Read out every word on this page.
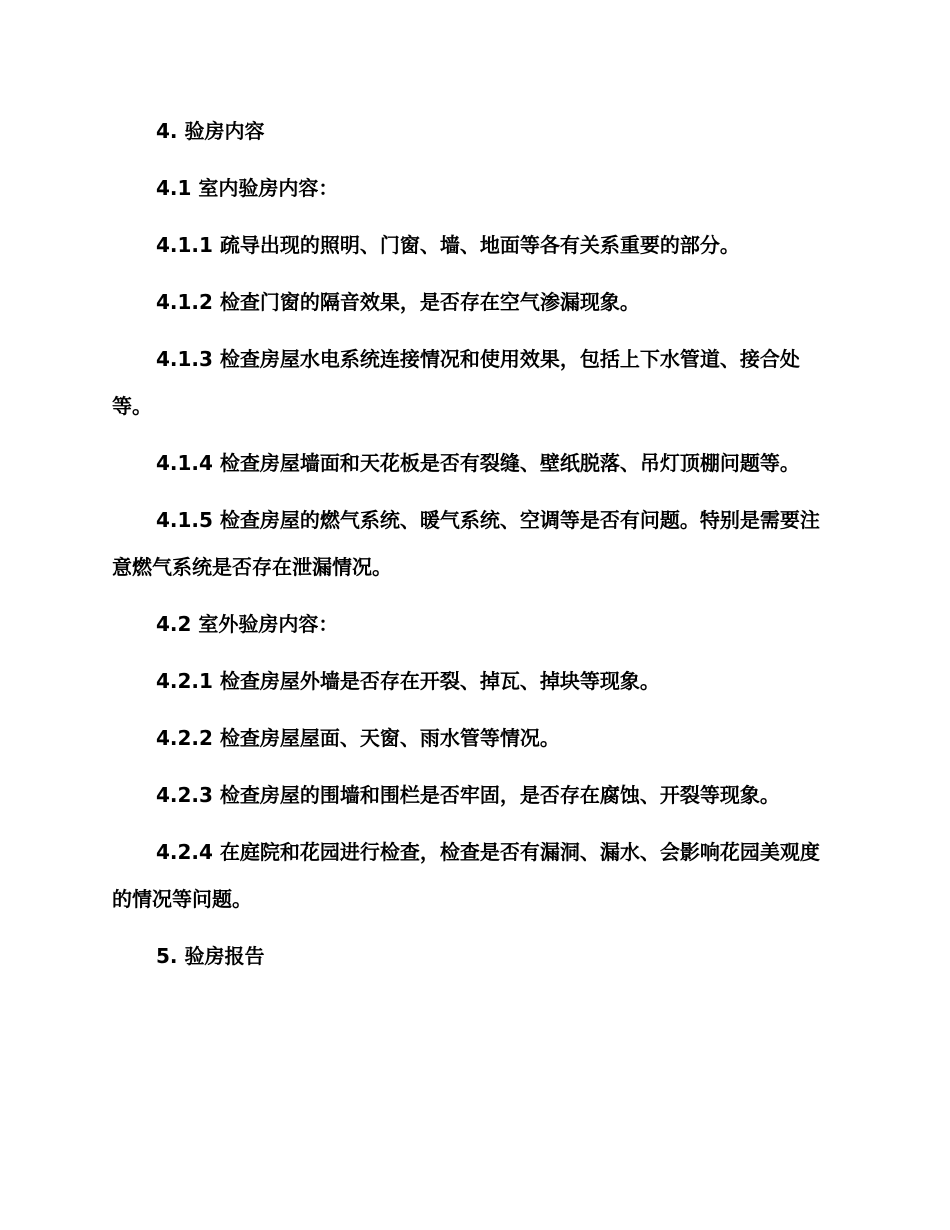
4. 验房内容

4.1 室内验房内容：

4.1.1 疏导出现的照明、门窗、墙、地面等各有关系重要的部分。

4.1.2 检查门窗的隔音效果，是否存在空气渗漏现象。

4.1.3 检查房屋水电系统连接情况和使用效果，包括上下水管道、接合处等。

4.1.4 检查房屋墙面和天花板是否有裂缝、壁纸脱落、吊灯顶棚问题等。

4.1.5 检查房屋的燃气系统、暖气系统、空调等是否有问题。特别是需要注意燃气系统是否存在泄漏情况。

4.2 室外验房内容：

4.2.1 检查房屋外墙是否存在开裂、掉瓦、掉块等现象。

4.2.2 检查房屋屋面、天窗、雨水管等情况。

4.2.3 检查房屋的围墙和围栏是否牢固，是否存在腐蚀、开裂等现象。

4.2.4 在庭院和花园进行检查，检查是否有漏洞、漏水、会影响花园美观度的情况等问题。

5. 验房报告
